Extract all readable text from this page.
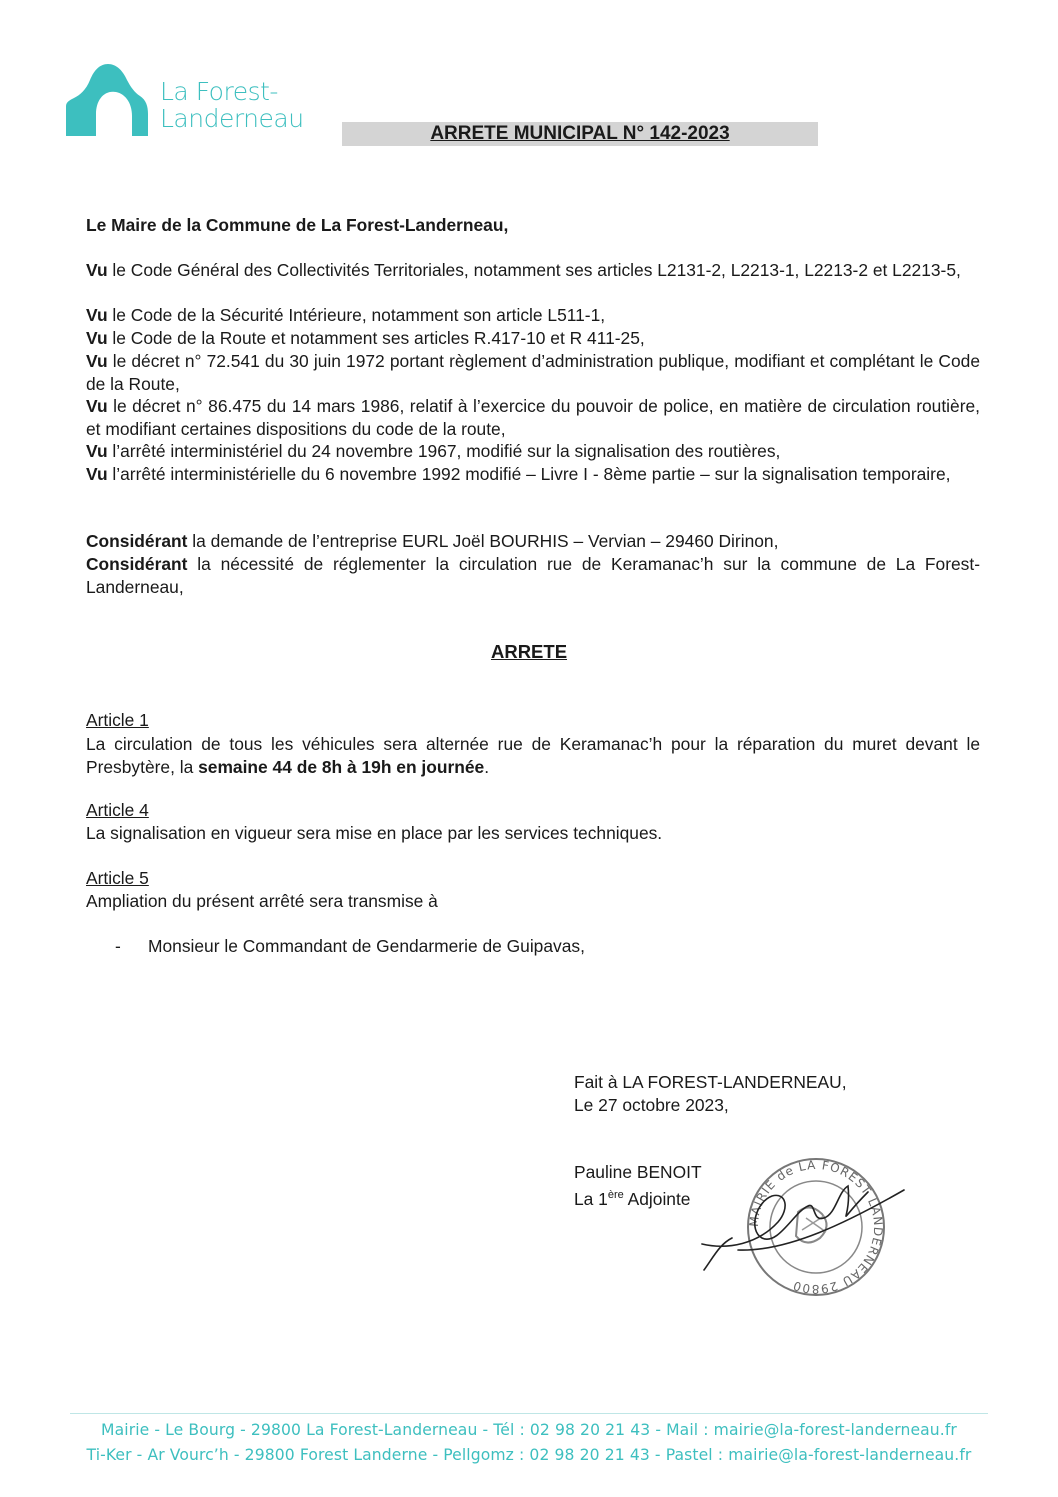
La Forest-
Landerneau
ARRETE MUNICIPAL N° 142-2023
Le Maire de la Commune de La Forest-Landerneau,
Vu le Code Général des Collectivités Territoriales, notamment ses articles L2131-2, L2213-1, L2213-2 et L2213-5,
Vu le Code de la Sécurité Intérieure, notamment son article L511-1,
Vu le Code de la Route et notamment ses articles R.417-10 et R 411-25,
Vu le décret n° 72.541 du 30 juin 1972 portant règlement d’administration publique, modifiant et complétant le Code de la Route,
Vu le décret n° 86.475 du 14 mars 1986, relatif à l’exercice du pouvoir de police, en matière de circulation routière, et modifiant certaines dispositions du code de la route,
Vu l’arrêté interministériel du 24 novembre 1967, modifié sur la signalisation des routières,
Vu l’arrêté interministérielle du 6 novembre 1992 modifié – Livre I - 8ème partie – sur la signalisation temporaire,
Considérant la demande de l’entreprise EURL Joël BOURHIS – Vervian – 29460 Dirinon,
Considérant la nécessité de réglementer la circulation rue de Keramanac’h sur la commune de La Forest-Landerneau,
ARRETE
Article 1
La circulation de tous les véhicules sera alternée rue de Keramanac’h pour la réparation du muret devant le Presbytère, la semaine 44 de 8h à 19h en journée.
Article 4
La signalisation en vigueur sera mise en place par les services techniques.
Article 5
Ampliation du présent arrêté sera transmise à
- Monsieur le Commandant de Gendarmerie de Guipavas,
Fait à LA FOREST-LANDERNEAU,
Le 27 octobre 2023,
Pauline BENOIT
La 1ère Adjointe
MAIRIE de LA FOREST LANDERNEAU 29800
Mairie - Le Bourg - 29800 La Forest-Landerneau - Tél : 02 98 20 21 43 - Mail : mairie@la-forest-landerneau.fr
Ti-Ker - Ar Vourc’h - 29800 Forest Landerne - Pellgomz : 02 98 20 21 43 - Pastel : mairie@la-forest-landerneau.fr
